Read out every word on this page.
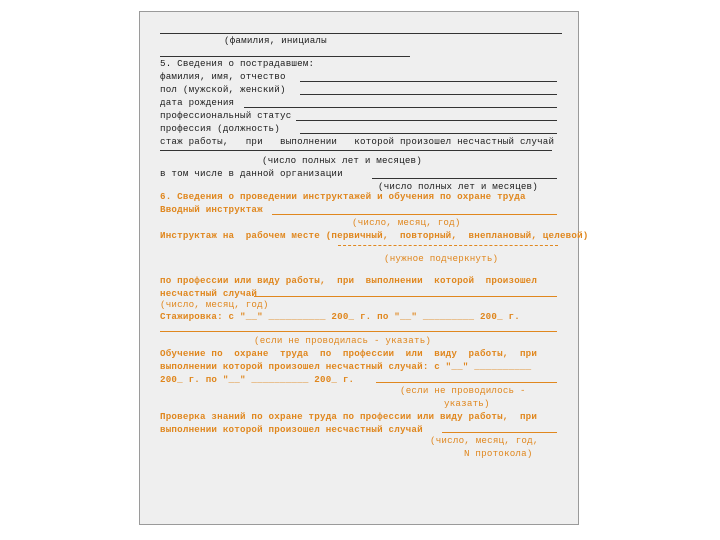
(фамилия, инициалы

5. Сведения о пострадавшем:

фамилия, имя, отчество

пол (мужской, женский)

дата рождения

профессиональный статус

профессия (должность)

стаж работы,   при   выполнении   которой произошел несчастный случай

(число полных лет и месяцев)

в том числе в данной организации

(число полных лет и месяцев)

6. Сведения о проведении инструктажей и обучения по охране труда

Вводный инструктаж

(число, месяц, год)

Инструктаж на  рабочем месте (первичный,  повторный,  внеплановый, целевой)

(нужное подчеркнуть)

по профессии или виду работы,  при  выполнении  которой  произошел

несчастный случай

(число, месяц, год)

Стажировка: с "__" __________ 200_ г. по "__" _________ 200_ г.

(если не проводилась - указать)

Обучение по  охране  труда  по  профессии  или  виду  работы,  при

выполнении которой произошел несчастный случай: с "__" __________

200_ г. по "__" __________ 200_ г.

(если не проводилось -

указать)

Проверка знаний по охране труда по профессии или виду работы,  при

выполнении которой произошел несчастный случай

(число, месяц, год,

N протокола)
